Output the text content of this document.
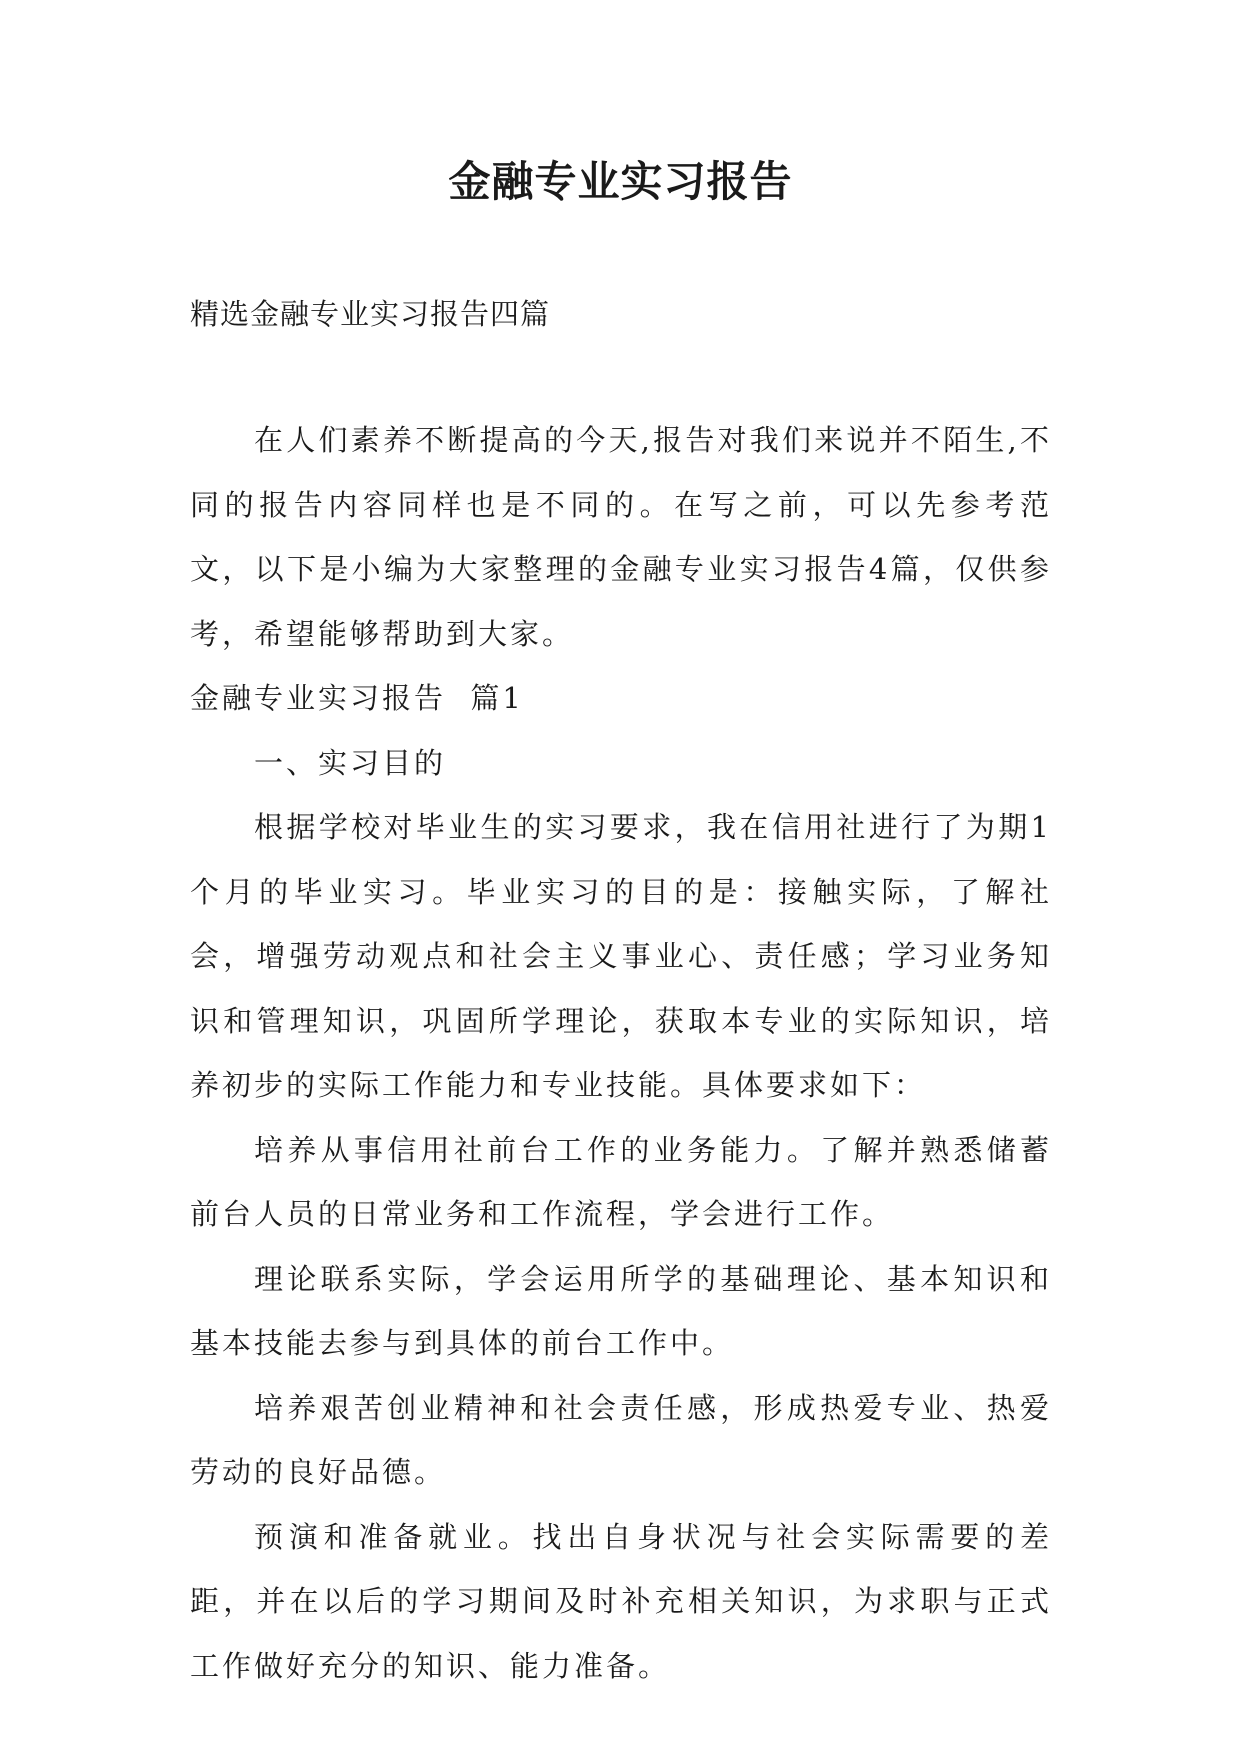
金融专业实习报告
精选金融专业实习报告四篇

在人们素养不断提高的今天,报告对我们来说并不陌生,不同的报告内容同样也是不同的。在写之前，可以先参考范文，以下是小编为大家整理的金融专业实习报告4篇，仅供参考，希望能够帮助到大家。

金融专业实习报告  篇1

一、实习目的

根据学校对毕业生的实习要求，我在信用社进行了为期1个月的毕业实习。毕业实习的目的是：接触实际，了解社会，增强劳动观点和社会主义事业心、责任感；学习业务知识和管理知识，巩固所学理论，获取本专业的实际知识，培养初步的实际工作能力和专业技能。具体要求如下：

培养从事信用社前台工作的业务能力。了解并熟悉储蓄前台人员的日常业务和工作流程，学会进行工作。

理论联系实际，学会运用所学的基础理论、基本知识和基本技能去参与到具体的前台工作中。

培养艰苦创业精神和社会责任感，形成热爱专业、热爱劳动的良好品德。

预演和准备就业。找出自身状况与社会实际需要的差距，并在以后的学习期间及时补充相关知识，为求职与正式工作做好充分的知识、能力准备。
